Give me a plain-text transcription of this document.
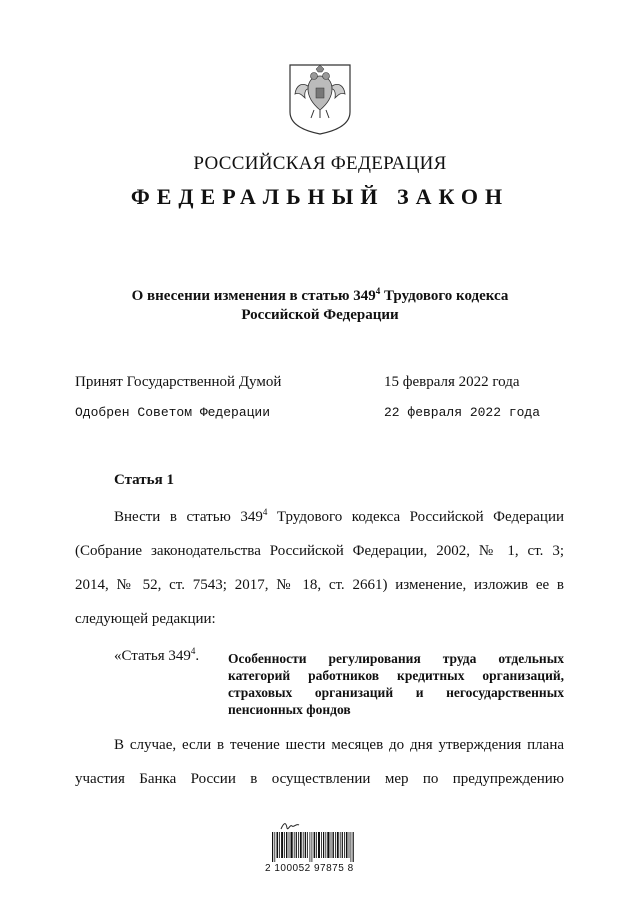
РОССИЙСКАЯ ФЕДЕРАЦИЯ
ФЕДЕРАЛЬНЫЙ ЗАКОН
О внесении изменения в статью $349^4$ Трудового кодекса
Российской Федерации
Принят Государственной Думой	15 февраля 2022 года
Одобрен Советом Федерации	22 февраля 2022 года
Статья 1
Внести в статью $349^4$ Трудового кодекса Российской Федерации
(Собрание законодательства Российской Федерации, 2002, № 1, ст. 3;
2014, № 52, ст. 7543; 2017, № 18, ст. 2661) изменение, изложив ее в
следующей редакции:
«Статья $349^4$. Особенности регулирования труда отдельных
категорий работников кредитных организаций,
страховых организаций и негосударственных
пенсионных фондов
В случае, если в течение шести месяцев до дня утверждения плана
участия Банка России в осуществлении мер по предупреждению
2 100052 97875 8
